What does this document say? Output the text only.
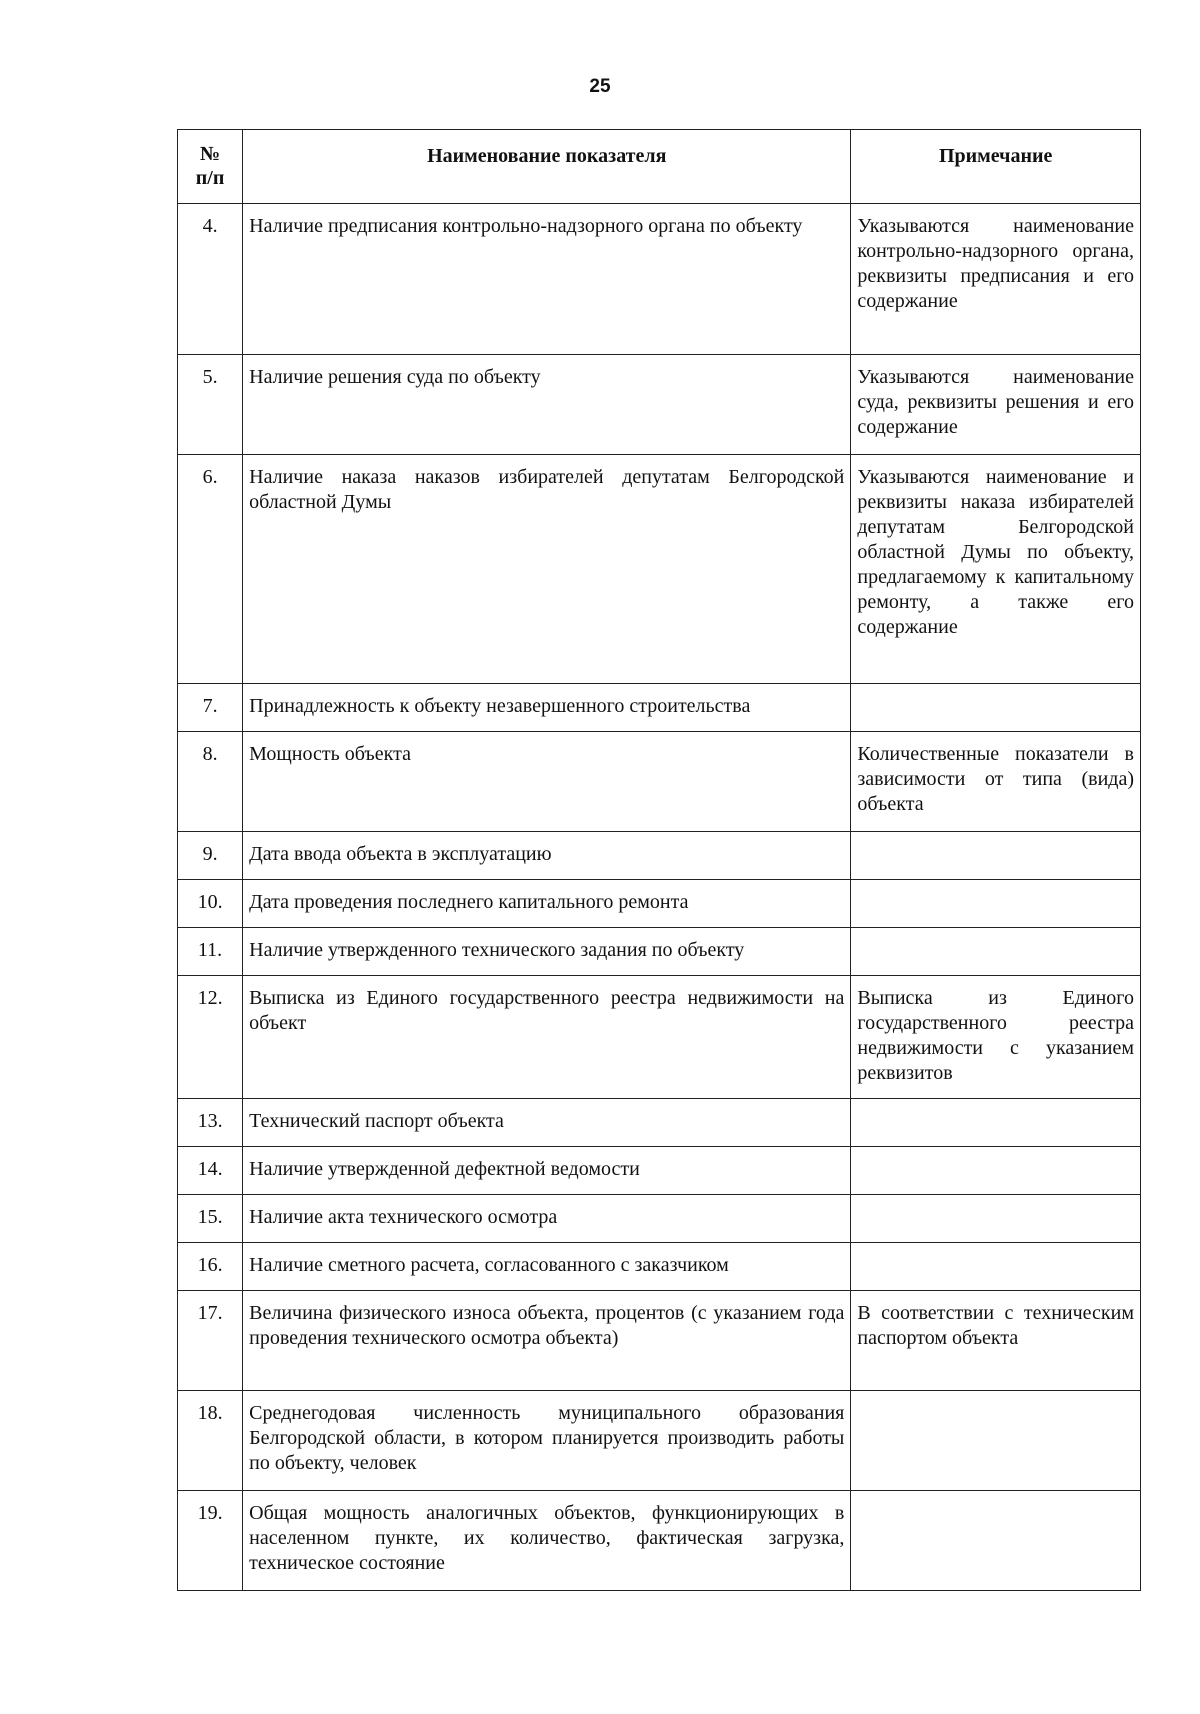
25
№
п/п	Наименование показателя	Примечание
4.	Наличие предписания контрольно-надзорного органа по объекту	Указываются наименование контрольно-надзорного органа, реквизиты предписания и его содержание
5.	Наличие решения суда по объекту	Указываются наименование суда, реквизиты решения и его содержание
6.	Наличие наказа наказов избирателей депутатам Белгородской областной Думы	Указываются наименование и реквизиты наказа избирателей депутатам Белгородской областной Думы по объекту, предлагаемому к капитальному ремонту, а также его содержание
7.	Принадлежность к объекту незавершенного строительства	
8.	Мощность объекта	Количественные показатели в зависимости от типа (вида) объекта
9.	Дата ввода объекта в эксплуатацию	
10.	Дата проведения последнего капитального ремонта	
11.	Наличие утвержденного технического задания по объекту	
12.	Выписка из Единого государственного реестра недвижимости на объект	Выписка из Единого государственного реестра недвижимости с указанием реквизитов
13.	Технический паспорт объекта	
14.	Наличие утвержденной дефектной ведомости	
15.	Наличие акта технического осмотра	
16.	Наличие сметного расчета, согласованного с заказчиком	
17.	Величина физического износа объекта, процентов (с указанием года проведения технического осмотра объекта)	В соответствии с техническим паспортом объекта
18.	Среднегодовая численность муниципального образования Белгородской области, в котором планируется производить работы по объекту, человек	
19.	Общая мощность аналогичных объектов, функционирующих в населенном пункте, их количество, фактическая загрузка, техническое состояние	
